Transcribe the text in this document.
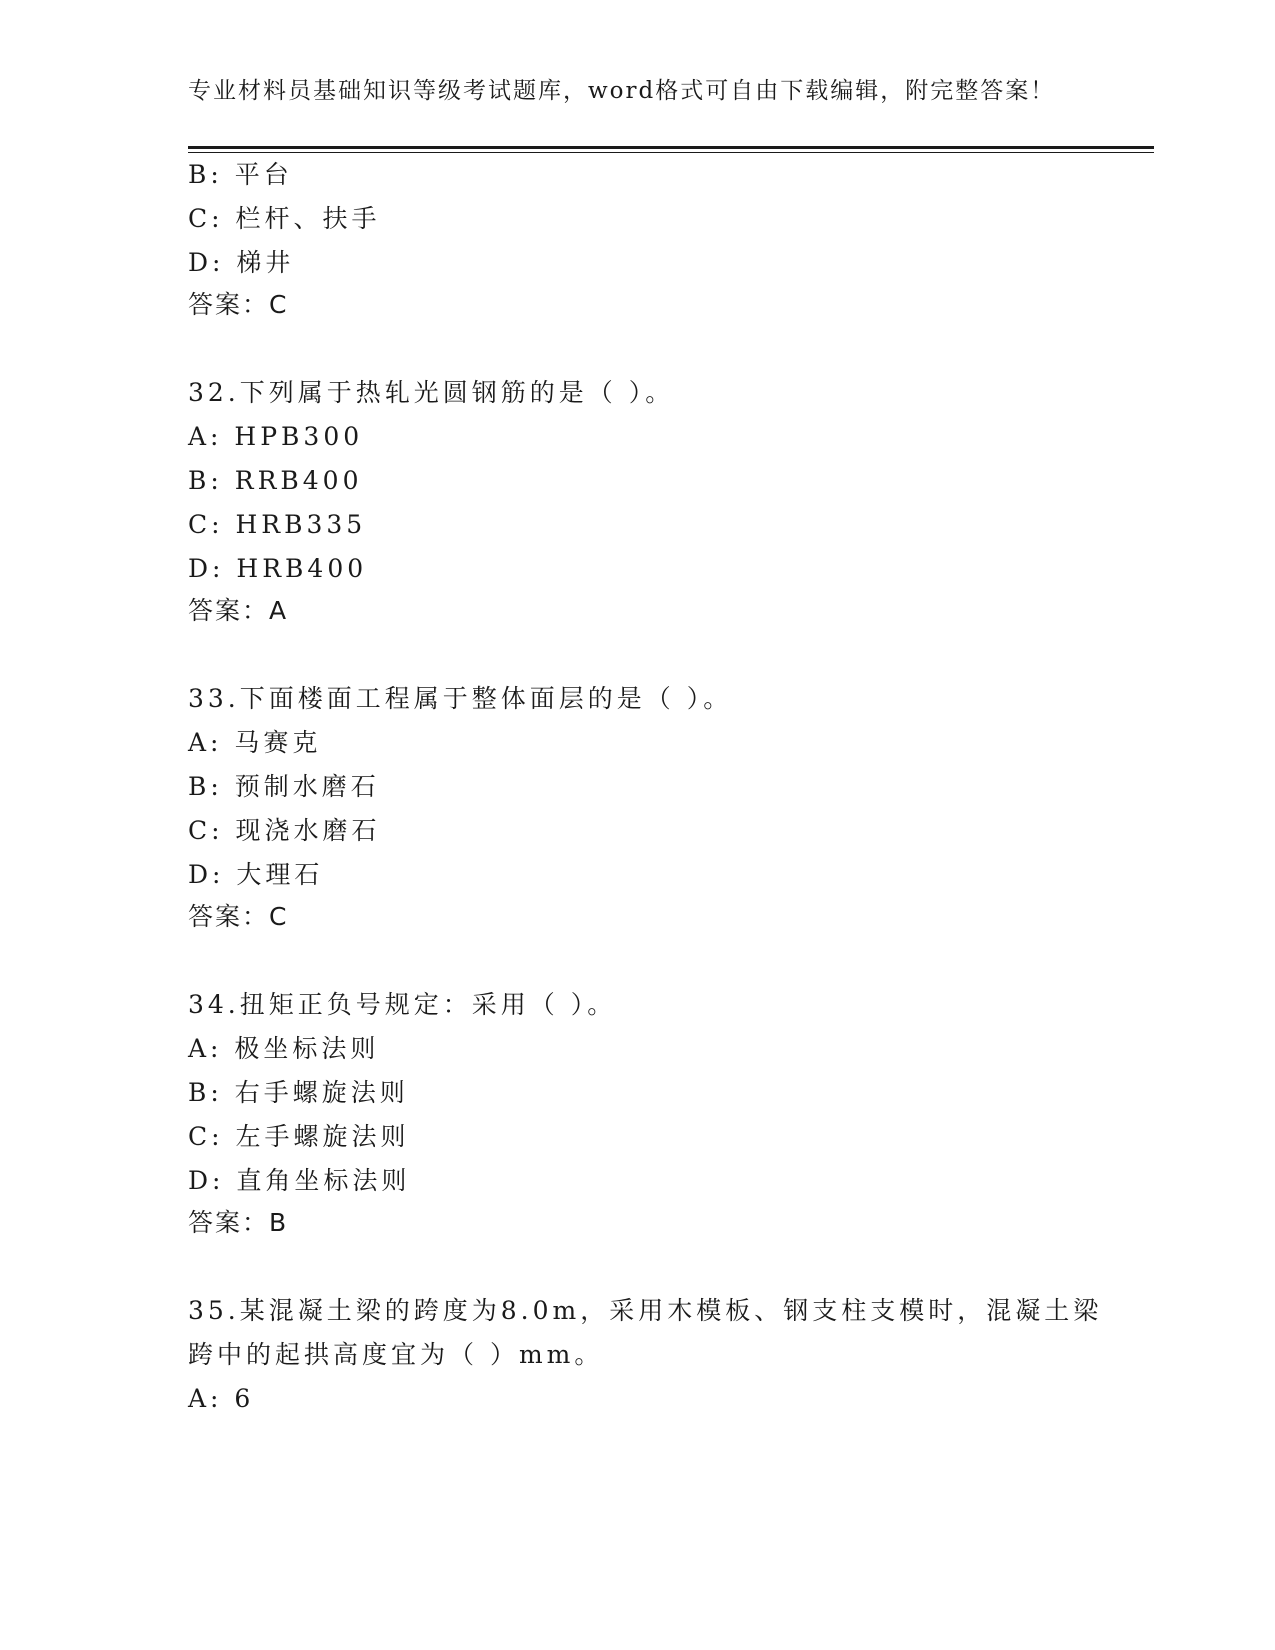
专业材料员基础知识等级考试题库，word格式可自由下载编辑，附完整答案！
B: 平台
C: 栏杆、扶手
D: 梯井
答案：C
32.下列属于热轧光圆钢筋的是（ ）。
A: HPB300
B: RRB400
C: HRB335
D: HRB400
答案：A
33.下面楼面工程属于整体面层的是（ ）。
A: 马赛克
B: 预制水磨石
C: 现浇水磨石
D: 大理石
答案：C
34.扭矩正负号规定：采用（ ）。
A: 极坐标法则
B: 右手螺旋法则
C: 左手螺旋法则
D: 直角坐标法则
答案：B
35.某混凝土梁的跨度为8.0m，采用木模板、钢支柱支模时，混凝土梁
跨中的起拱高度宜为（ ）mm。
A: 6
